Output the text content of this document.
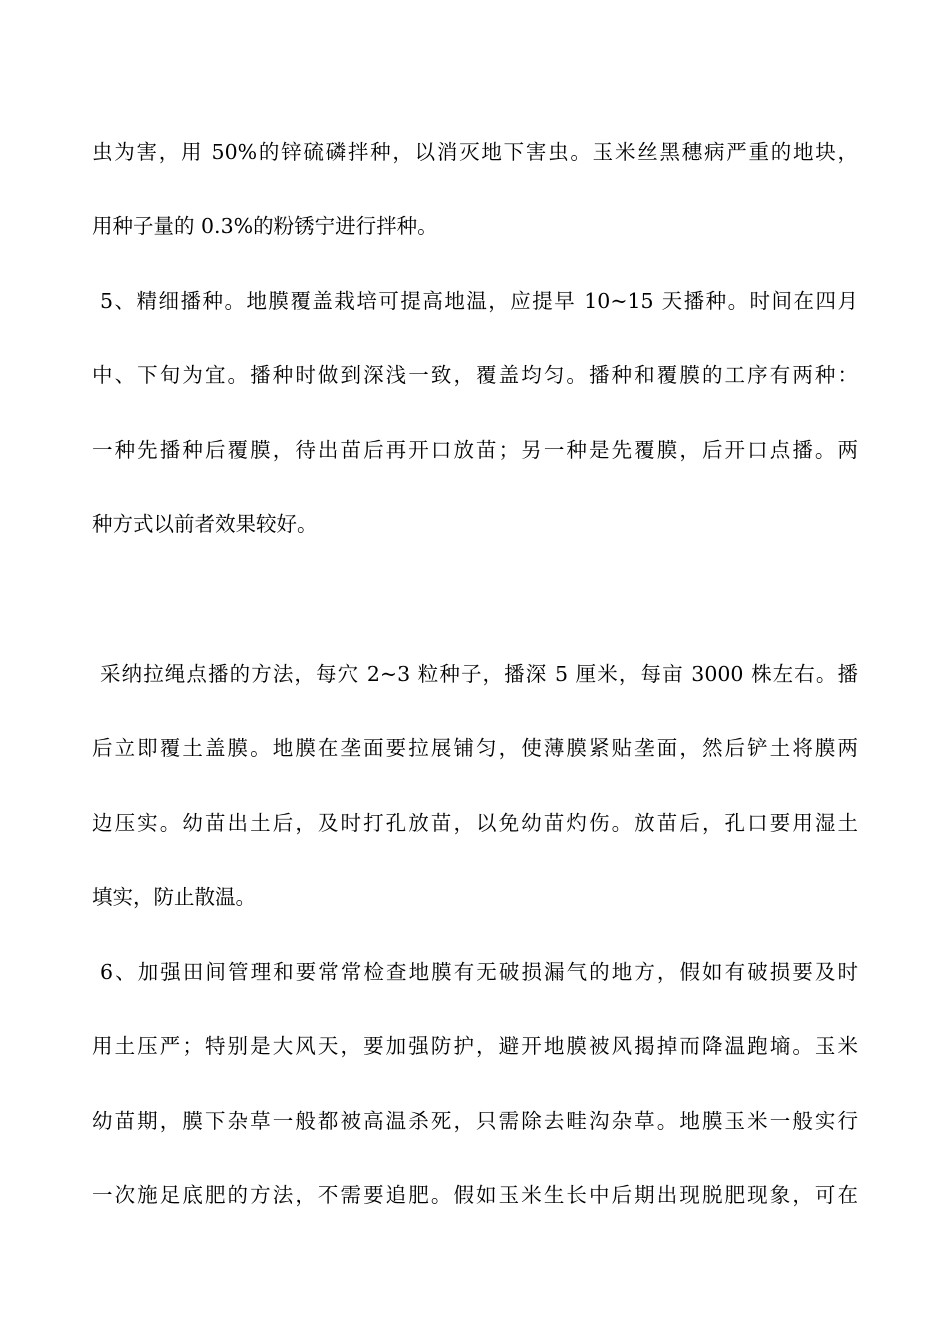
虫为害，用 50%的锌硫磷拌种，以消灭地下害虫。玉米丝黑穗病严重的地块，
用种子量的 0.3%的粉锈宁进行拌种。
5、精细播种。地膜覆盖栽培可提高地温，应提早 10~15 天播种。时间在四月
中、下旬为宜。播种时做到深浅一致，覆盖均匀。播种和覆膜的工序有两种：
一种先播种后覆膜，待出苗后再开口放苗；另一种是先覆膜，后开口点播。两
种方式以前者效果较好。
采纳拉绳点播的方法，每穴 2~3 粒种子，播深 5 厘米，每亩 3000 株左右。播
后立即覆土盖膜。地膜在垄面要拉展铺匀，使薄膜紧贴垄面，然后铲土将膜两
边压实。幼苗出土后，及时打孔放苗，以免幼苗灼伤。放苗后，孔口要用湿土
填实，防止散温。
6、加强田间管理和要常常检查地膜有无破损漏气的地方，假如有破损要及时
用土压严；特别是大风天，要加强防护，避开地膜被风揭掉而降温跑墒。玉米
幼苗期，膜下杂草一般都被高温杀死，只需除去畦沟杂草。地膜玉米一般实行
一次施足底肥的方法，不需要追肥。假如玉米生长中后期出现脱肥现象，可在
